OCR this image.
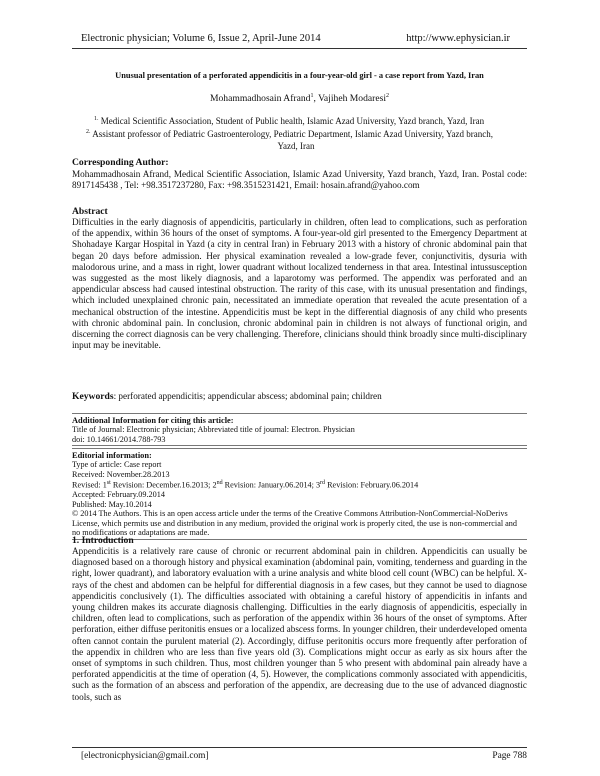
Electronic physician; Volume 6, Issue 2, April-June 2014	http://www.ephysician.ir
Unusual presentation of a perforated appendicitis in a four-year-old girl - a case report from Yazd, Iran
Mohammadhosain Afrand$^1$, Vajiheh Modaresi$^2$
$^{1.}$ Medical Scientific Association, Student of Public health, Islamic Azad University, Yazd branch, Yazd, Iran
$^{2.}$ Assistant professor of Pediatric Gastroenterology, Pediatric Department, Islamic Azad University, Yazd branch,
Yazd, Iran
Corresponding Author:
Mohammadhosain Afrand, Medical Scientific Association, Islamic Azad University, Yazd branch, Yazd, Iran. Postal code: 8917145438 , Tel: +98.3517237280, Fax: +98.3515231421, Email: hosain.afrand@yahoo.com
Abstract
Difficulties in the early diagnosis of appendicitis, particularly in children, often lead to complications, such as perforation of the appendix, within 36 hours of the onset of symptoms. A four-year-old girl presented to the Emergency Department at Shohadaye Kargar Hospital in Yazd (a city in central Iran) in February 2013 with a history of chronic abdominal pain that began 20 days before admission. Her physical examination revealed a low-grade fever, conjunctivitis, dysuria with malodorous urine, and a mass in right, lower quadrant without localized tenderness in that area. Intestinal intussusception was suggested as the most likely diagnosis, and a laparotomy was performed. The appendix was perforated and an appendicular abscess had caused intestinal obstruction. The rarity of this case, with its unusual presentation and findings, which included unexplained chronic pain, necessitated an immediate operation that revealed the acute presentation of a mechanical obstruction of the intestine. Appendicitis must be kept in the differential diagnosis of any child who presents with chronic abdominal pain. In conclusion, chronic abdominal pain in children is not always of functional origin, and discerning the correct diagnosis can be very challenging. Therefore, clinicians should think broadly since multi-disciplinary input may be inevitable.
Keywords: perforated appendicitis; appendicular abscess; abdominal pain; children
Additional Information for citing this article:
Title of Journal: Electronic physician; Abbreviated title of journal: Electron. Physician
doi: 10.14661/2014.788-793
Editorial information:
Type of article: Case report
Received: November.28.2013
Revised: 1st Revision: December.16.2013; 2nd Revision: January.06.2014; 3rd Revision: February.06.2014
Accepted: February.09.2014
Published: May.10.2014
© 2014 The Authors. This is an open access article under the terms of the Creative Commons Attribution-NonCommercial-NoDerivs License, which permits use and distribution in any medium, provided the original work is properly cited, the use is non-commercial and no modifications or adaptations are made.
1. Introduction
Appendicitis is a relatively rare cause of chronic or recurrent abdominal pain in children. Appendicitis can usually be diagnosed based on a thorough history and physical examination (abdominal pain, vomiting, tenderness and guarding in the right, lower quadrant), and laboratory evaluation with a urine analysis and white blood cell count (WBC) can be helpful. X-rays of the chest and abdomen can be helpful for differential diagnosis in a few cases, but they cannot be used to diagnose appendicitis conclusively (1). The difficulties associated with obtaining a careful history of appendicitis in infants and young children makes its accurate diagnosis challenging. Difficulties in the early diagnosis of appendicitis, especially in children, often lead to complications, such as perforation of the appendix within 36 hours of the onset of symptoms. After perforation, either diffuse peritonitis ensues or a localized abscess forms. In younger children, their underdeveloped omenta often cannot contain the purulent material (2). Accordingly, diffuse peritonitis occurs more frequently after perforation of the appendix in children who are less than five years old (3). Complications might occur as early as six hours after the onset of symptoms in such children. Thus, most children younger than 5 who present with abdominal pain already have a perforated appendicitis at the time of operation (4, 5). However, the complications commonly associated with appendicitis, such as the formation of an abscess and perforation of the appendix, are decreasing due to the use of advanced diagnostic tools, such as
[electronicphysician@gmail.com]	Page 788
